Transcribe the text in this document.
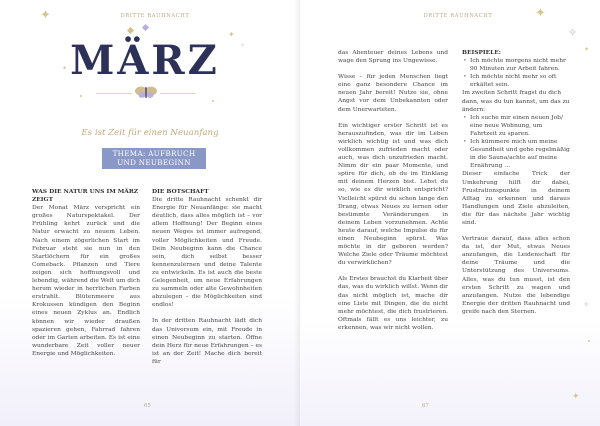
DRITTE RAUHNACHT
✦
✦
✧
✦ MÄRZ
Es ist Zeit für einen Neuanfang
THEMA: AUFBRUCH
UND NEUBEGINN

WAS DIE NATUR UNS IM MÄRZ ZEIGT

Der Monat März verspricht ein großes Naturspektakel. Der Frühling kehrt zurück und die Natur erwacht zu neuem Leben. Nach einem zögerlichen Start im Februar steht sie nun in den Startlöchern für ein großes Comeback. Pflanzen und Tiere zeigen sich hoffnungsvoll und lebendig, während die Welt um dich herum wieder in herrlichen Farben erstrahlt. Blütenmeere aus Krokussen kündigen den Beginn eines neuen Zyklus an. Endlich können wir wieder draußen spazieren gehen, Fahrrad fahren oder im Garten arbeiten. Es ist eine wunderbare Zeit voller neuer Energie und Möglichkeiten.

DIE BOTSCHAFT

Die dritte Rauhnacht schenkt dir Energie für Neuanfänge: sie macht deutlich, dass alles möglich ist – vor allem Hoffnung! Der Beginn eines neuen Weges ist immer aufregend, voller Möglichkeiten und Freude. Dein Neubeginn kann die Chance sein, dich selbst besser kennenzulernen und deine Talente zu entwickeln. Es ist auch die beste Gelegenheit, um neue Erfahrungen zu sammeln oder alte Gewohnheiten abzulegen – die Möglichkeiten sind endlos!

In der dritten Rauhnacht lädt dich das Universum ein, mit Freude in einen Neubeginn zu starten. Öffne dein Herz für neue Erfahrungen – es ist an der Zeit! Mache dich bereit für

65
DRITTE RAUHNACHT	✦
✧
✦
✧
✦

das Abenteuer deines Lebens und wage den Sprung ins Ungewisse.

Wisse – für jeden Menschen liegt eine ganz besondere Chance im neuen Jahr bereit! Nutze sie, ohne Angst vor dem Unbekannten oder dem Unerwarteten.

Ein wichtiger erster Schritt ist es herauszufinden, was dir im Leben wirklich wichtig ist und was dich vollkommen zufrieden macht oder auch, was dich unzufrieden macht. Nimm dir ein paar Momente, und spüre für dich, ob du im Einklang mit deinem Herzen bist. Lebst du so, wie es dir wirklich entspricht? Vielleicht spürst du schon lange den Drang, etwas Neues zu lernen oder bestimmte Veränderungen in deinem Leben vorzunehmen. Achte heute darauf, welche Impulse du für einen Neubeginn spürst. Was möchte in dir geboren werden? Welche Ziele oder Träume möchtest du verwirklichen?

Als Erstes brauchst du Klarheit über das, was du wirklich willst. Wenn dir das nicht möglich ist, mache dir eine Liste mit Dingen, die du nicht mehr möchtest, die dich frustrieren. Oftmals fällt es uns leichter, zu erkennen, was wir nicht wollen.

BEISPIELE:

• Ich möchte morgens nicht mehr 90 Minuten zur Arbeit fahren.
• Ich möchte nicht mehr so oft erkältet sein.

Im zweiten Schritt fragst du dich dann, was du tun kannst, um das zu ändern:

• Ich suche mir einen neuen Job/ eine neue Wohnung, um Fahrtzeit zu sparen.
• Ich kümmere mich um meine Gesundheit und gehe regelmäßig in die Sauna/achte auf meine Ernährung …

Dieser einfache Trick der Umkehrung hilft dir dabei, Frustrationspunkte in deinem Alltag zu erkennen und daraus Handlungen und Ziele abzuleiten, die für das nächste Jahr wichtig sind.

Vertraue darauf, dass alles schon da ist, der Mut, etwas Neues anzufangen, die Leidenschaft für deine Träume und die Unterstützung des Universums. Alles, was du tun musst, ist den ersten Schritt zu wagen und anzufangen. Nutze die lebendige Energie der dritten Rauhnacht und greife nach den Sternen.

67
